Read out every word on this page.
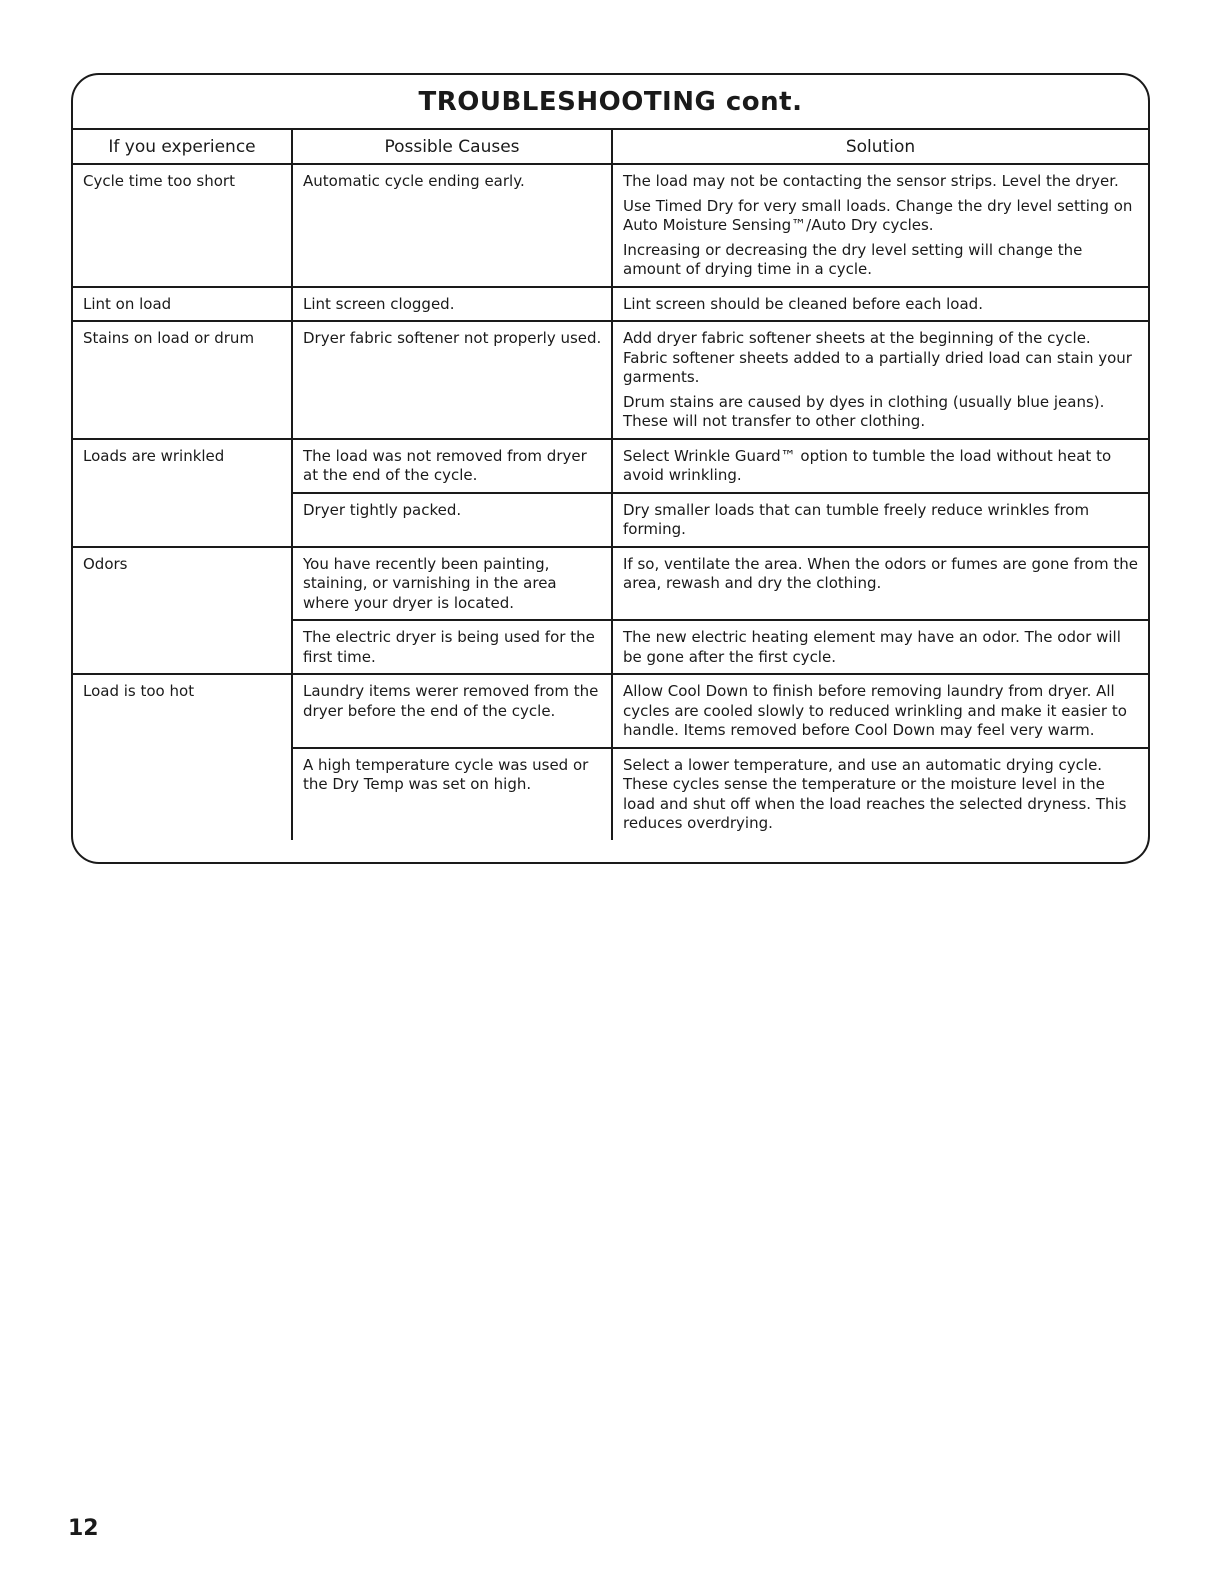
TROUBLESHOOTING cont.
If you experience	Possible Causes	Solution
Cycle time too short	Automatic cycle ending early.	The load may not be contacting the sensor strips. Level the dryer.

Use Timed Dry for very small loads. Change the dry level setting on Auto Moisture Sensing™/Auto Dry cycles.

Increasing or decreasing the dry level setting will change the amount of drying time in a cycle.

Lint on load	Lint screen clogged.	Lint screen should be cleaned before each load.

Stains on load or drum	Dryer fabric softener not properly used.	Add dryer fabric softener sheets at the beginning of the cycle. Fabric softener sheets added to a partially dried load can stain your garments.

Drum stains are caused by dyes in clothing (usually blue jeans). These will not transfer to other clothing.

Loads are wrinkled	The load was not removed from dryer at the end of the cycle.	Select Wrinkle Guard™ option to tumble the load without heat to avoid wrinkling.

	Dryer tightly packed.	Dry smaller loads that can tumble freely reduce wrinkles from forming.

Odors	You have recently been painting, staining, or varnishing in the area where your dryer is located.	If so, ventilate the area. When the odors or fumes are gone from the area, rewash and dry the clothing.

	The electric dryer is being used for the first time.	The new electric heating element may have an odor. The odor will be gone after the first cycle.

Load is too hot	Laundry items werer removed from the dryer before the end of the cycle.	Allow Cool Down to finish before removing laundry from dryer. All cycles are cooled slowly to reduced wrinkling and make it easier to handle. Items removed before Cool Down may feel very warm.

	A high temperature cycle was used or the Dry Temp was set on high.	Select a lower temperature, and use an automatic drying cycle. These cycles sense the temperature or the moisture level in the load and shut off when the load reaches the selected dryness. This reduces overdrying.

12
